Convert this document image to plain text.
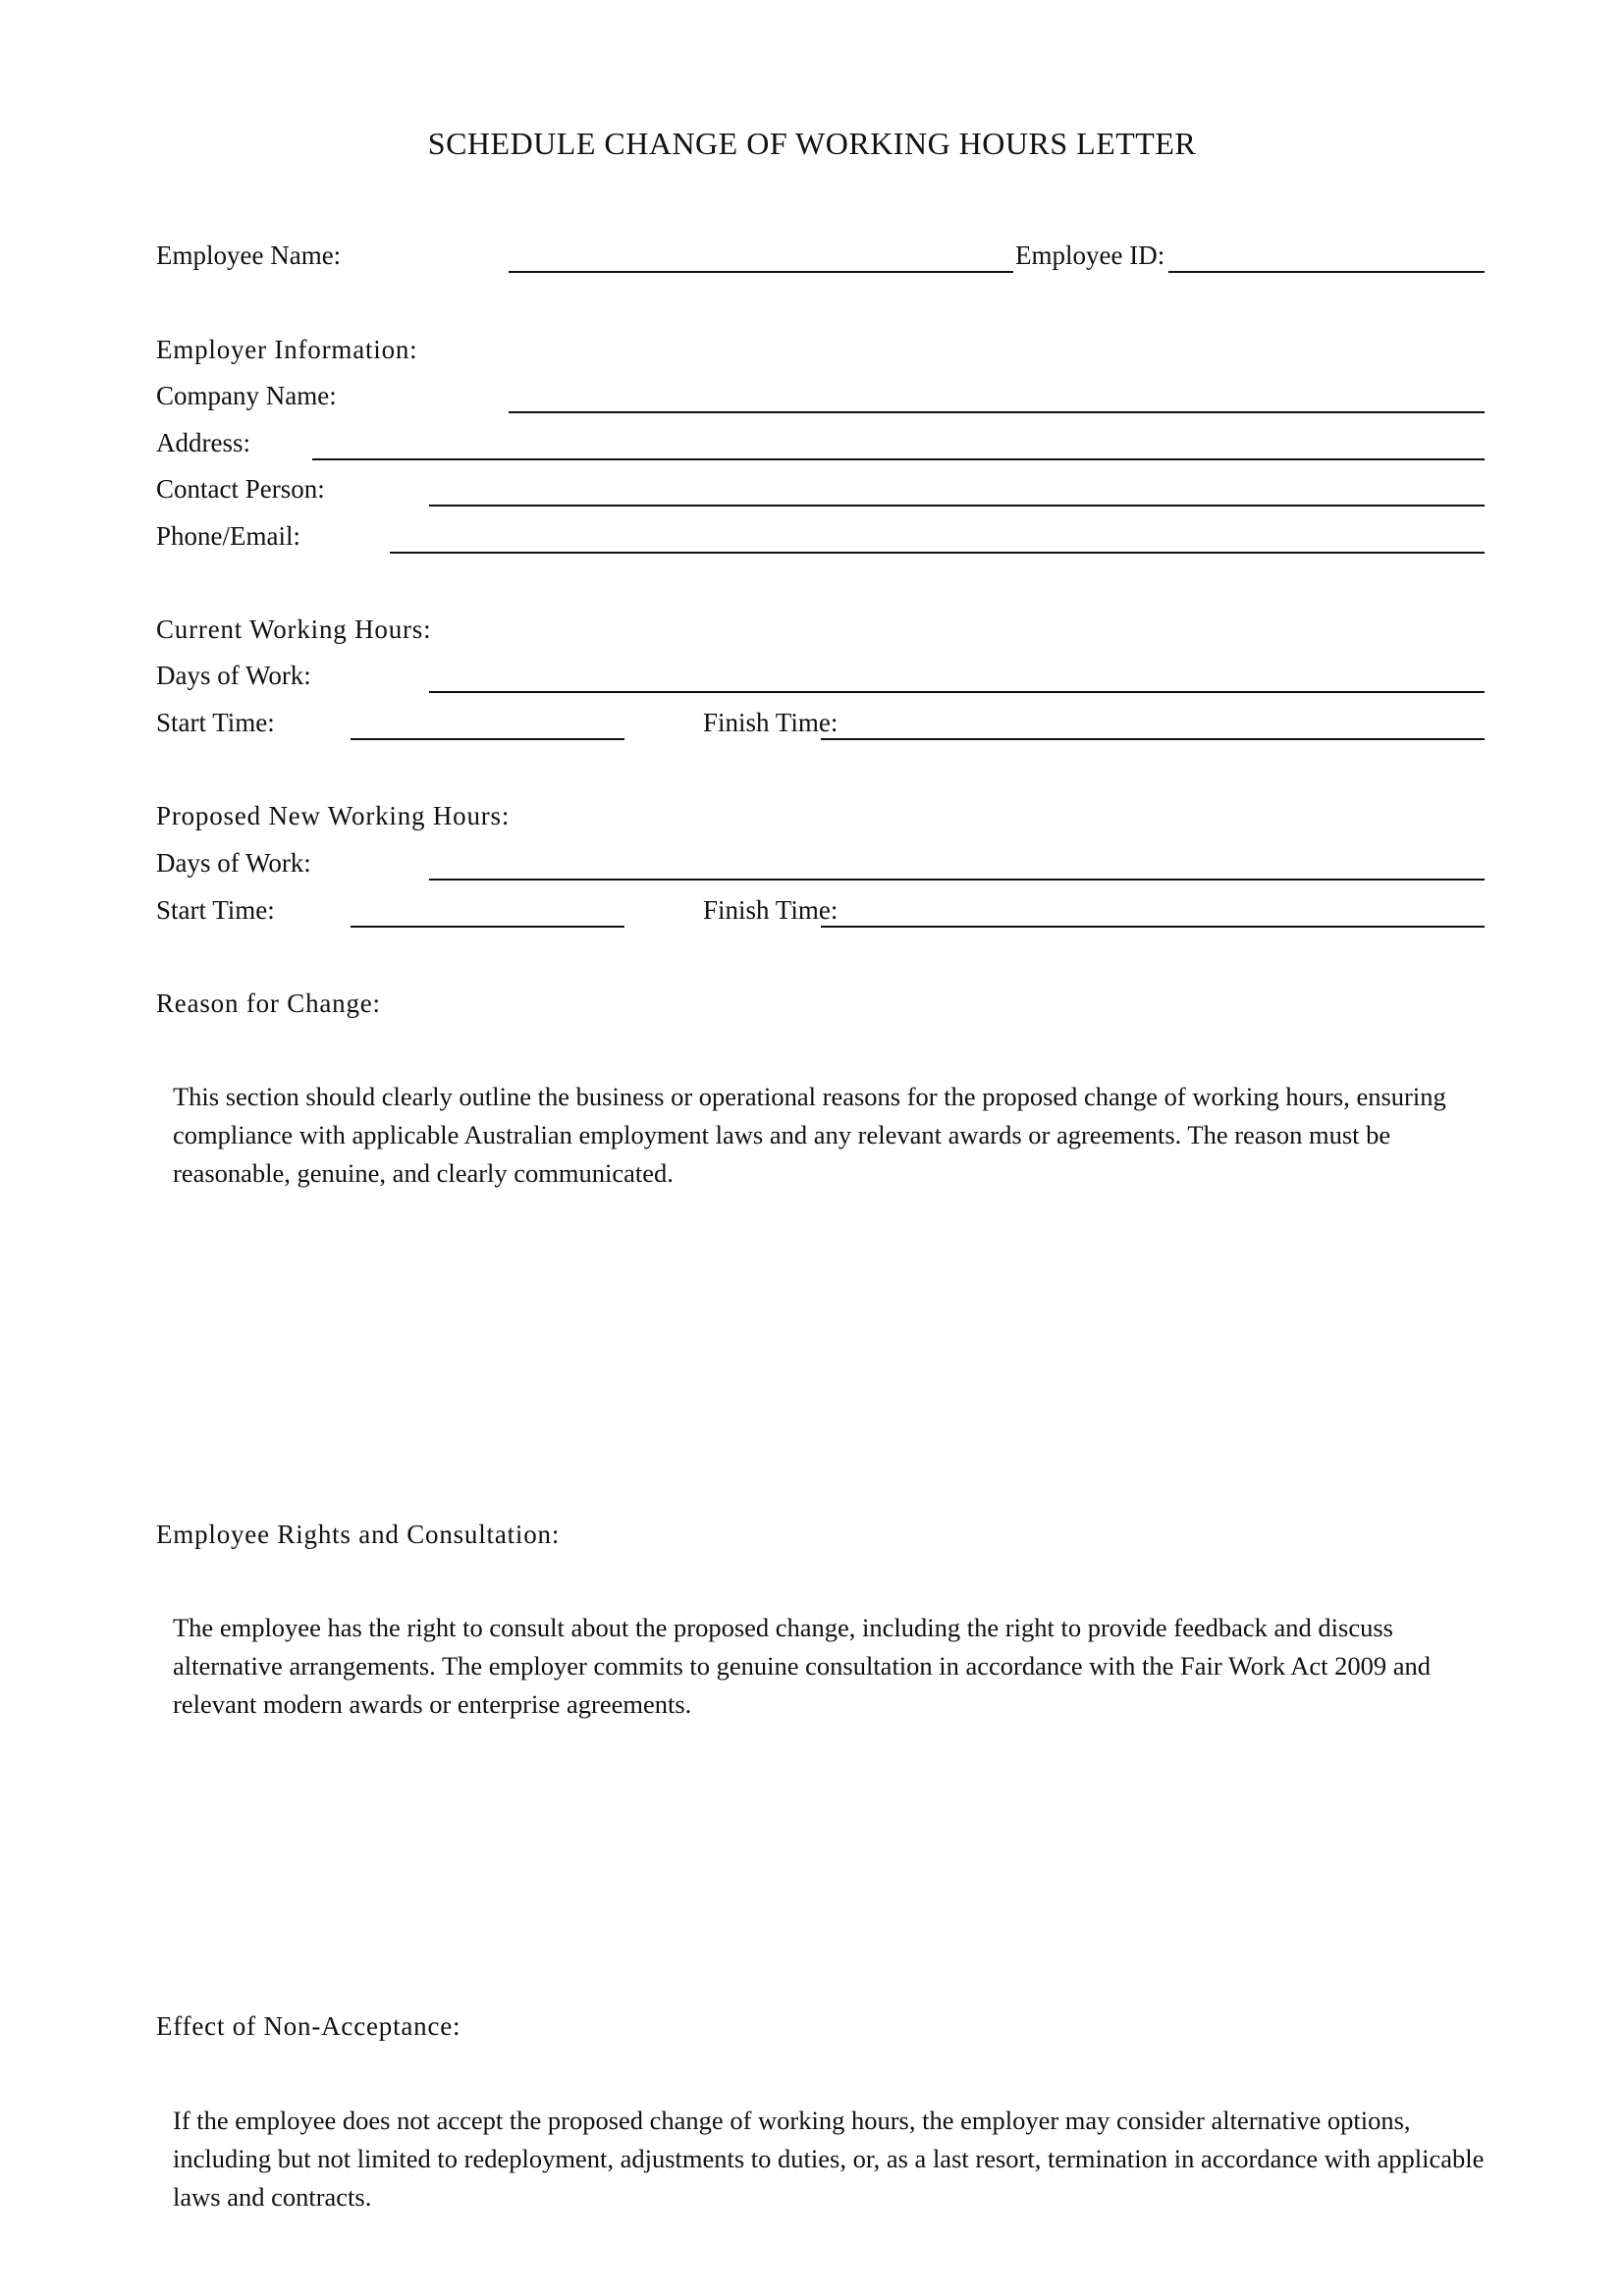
SCHEDULE CHANGE OF WORKING HOURS LETTER
Employee Name:	Employee ID:
Employer Information:
Company Name:
Address:
Contact Person:
Phone/Email:
Current Working Hours:
Days of Work:
Start Time:	Finish Time:
Proposed New Working Hours:
Days of Work:
Start Time:	Finish Time:
Reason for Change:
This section should clearly outline the business or operational reasons for the proposed change of working hours, ensuring compliance with applicable Australian employment laws and any relevant awards or agreements. The reason must be reasonable, genuine, and clearly communicated.
Employee Rights and Consultation:
The employee has the right to consult about the proposed change, including the right to provide feedback and discuss alternative arrangements. The employer commits to genuine consultation in accordance with the Fair Work Act 2009 and relevant modern awards or enterprise agreements.
Effect of Non-Acceptance:
If the employee does not accept the proposed change of working hours, the employer may consider alternative options, including but not limited to redeployment, adjustments to duties, or, as a last resort, termination in accordance with applicable laws and contracts.
